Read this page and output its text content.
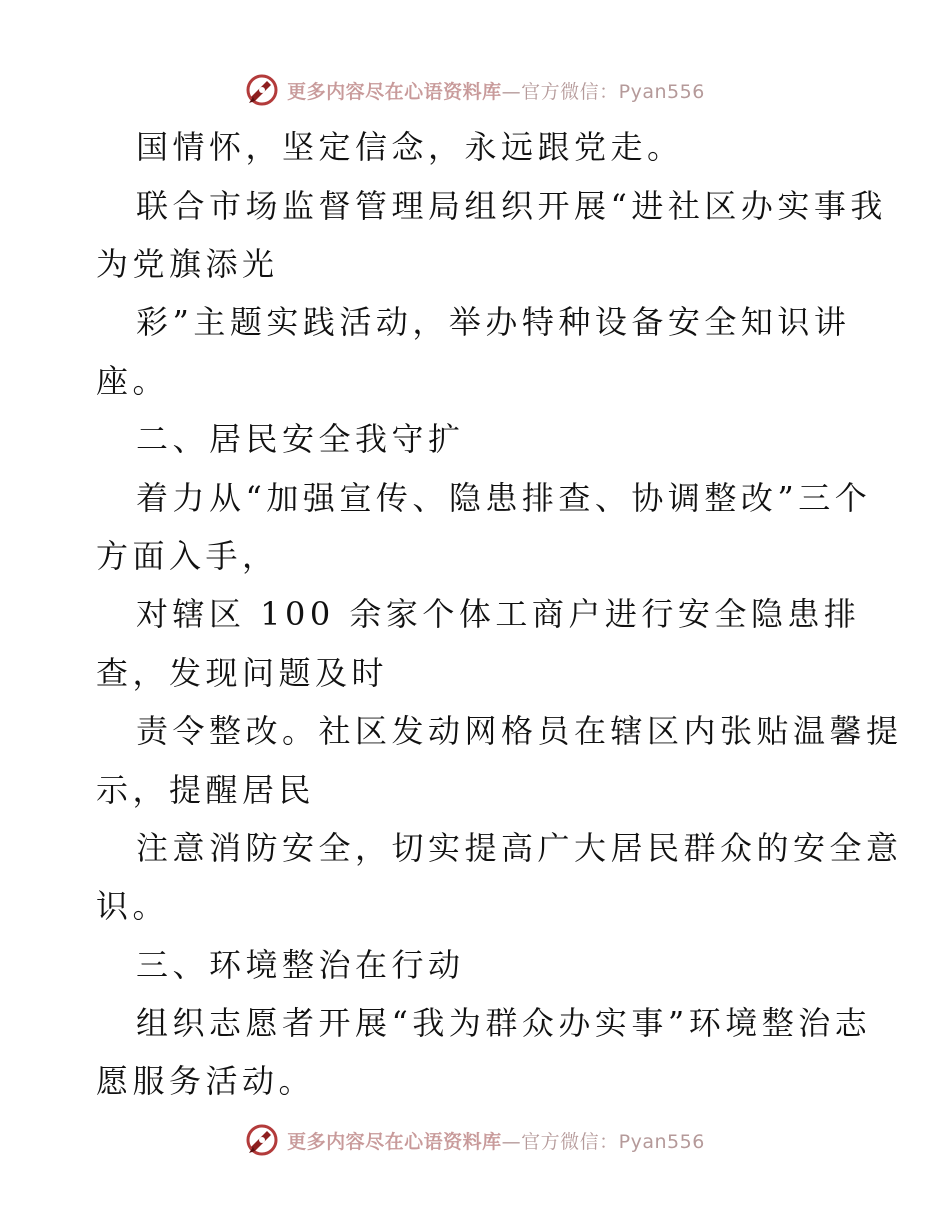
更多内容尽在心语资料库—官方微信：Pyan556
国情怀，坚定信念，永远跟党走。
联合市场监督管理局组织开展“进社区办实事我
为党旗添光
彩”主题实践活动，举办特种设备安全知识讲
座。
二、居民安全我守扩
着力从“加强宣传、隐患排查、协调整改”三个
方面入手，
对辖区 100 余家个体工商户进行安全隐患排
查，发现问题及时
责令整改。社区发动网格员在辖区内张贴温馨提
示，提醒居民
注意消防安全，切实提高广大居民群众的安全意
识。
三、环境整治在行动
组织志愿者开展“我为群众办实事”环境整治志
愿服务活动。
更多内容尽在心语资料库—官方微信：Pyan556
